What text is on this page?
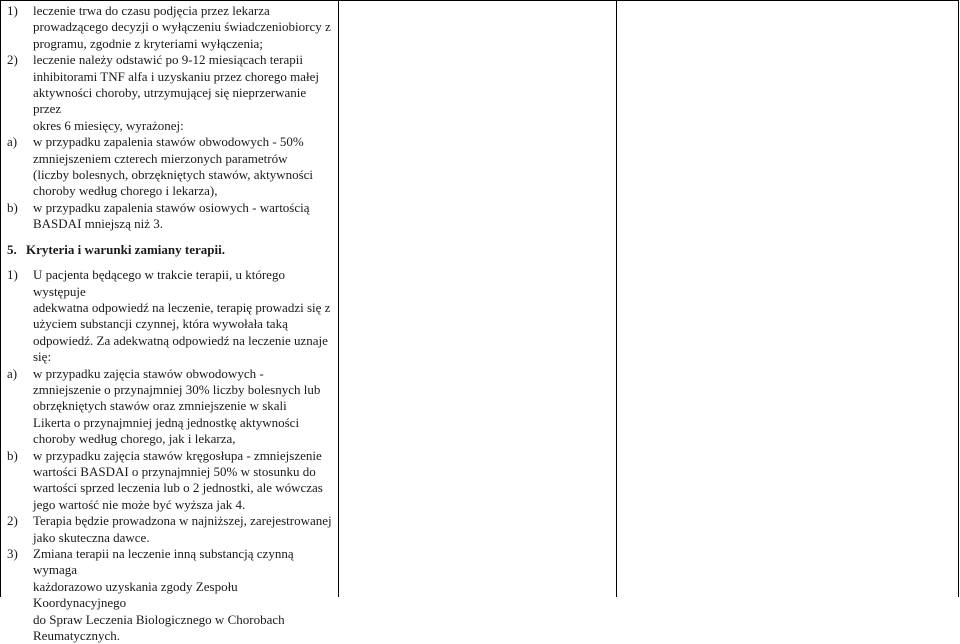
1) leczenie trwa do czasu podjęcia przez lekarza
prowadzącego decyzji o wyłączeniu świadczeniobiorcy z
programu, zgodnie z kryteriami wyłączenia;
2) leczenie należy odstawić po 9-12 miesiącach terapii
inhibitorami TNF alfa i uzyskaniu przez chorego małej
aktywności choroby, utrzymującej się nieprzerwanie przez
okres 6 miesięcy, wyrażonej:
a) w przypadku zapalenia stawów obwodowych - 50%
zmniejszeniem czterech mierzonych parametrów
(liczby bolesnych, obrzękniętych stawów, aktywności
choroby według chorego i lekarza),
b) w przypadku zapalenia stawów osiowych - wartością
BASDAI mniejszą niż 3.
5. Kryteria i warunki zamiany terapii.
1) U pacjenta będącego w trakcie terapii, u którego występuje
adekwatna odpowiedź na leczenie, terapię prowadzi się z
użyciem substancji czynnej, która wywołała taką
odpowiedź. Za adekwatną odpowiedź na leczenie uznaje
się:
a) w przypadku zajęcia stawów obwodowych -
zmniejszenie o przynajmniej 30% liczby bolesnych lub
obrzękniętych stawów oraz zmniejszenie w skali
Likerta o przynajmniej jedną jednostkę aktywności
choroby według chorego, jak i lekarza,
b) w przypadku zajęcia stawów kręgosłupa - zmniejszenie
wartości BASDAI o przynajmniej 50% w stosunku do
wartości sprzed leczenia lub o 2 jednostki, ale wówczas
jego wartość nie może być wyższa jak 4.
2) Terapia będzie prowadzona w najniższej, zarejestrowanej
jako skuteczna dawce.
3) Zmiana terapii na leczenie inną substancją czynną wymaga
każdorazowo uzyskania zgody Zespołu Koordynacyjnego
do Spraw Leczenia Biologicznego w Chorobach
Reumatycznych.
